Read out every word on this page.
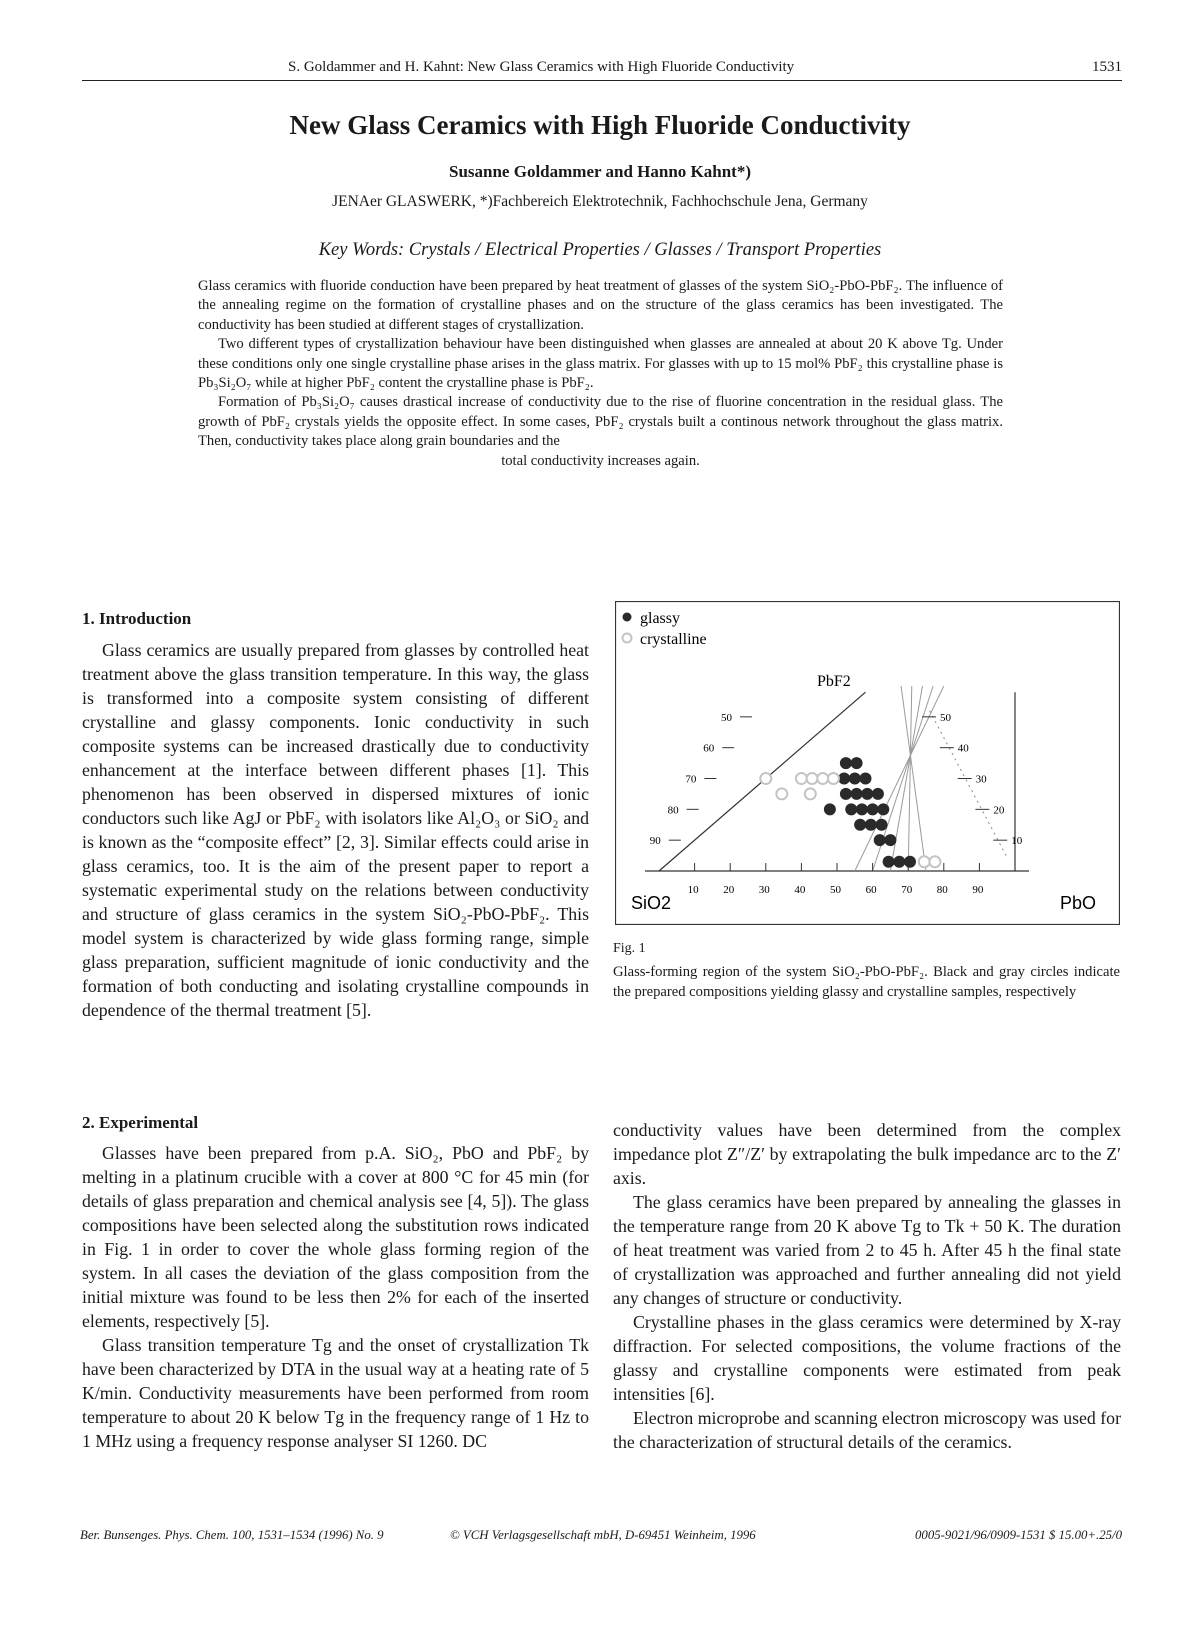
S. Goldammer and H. Kahnt: New Glass Ceramics with High Fluoride Conductivity	1531
New Glass Ceramics with High Fluoride Conductivity
Susanne Goldammer and Hanno Kahnt*)
JENAer GLASWERK, *)Fachbereich Elektrotechnik, Fachhochschule Jena, Germany
Key Words: Crystals / Electrical Properties / Glasses / Transport Properties

Glass ceramics with fluoride conduction have been prepared by heat treatment of glasses of the system SiO₂-PbO-PbF₂. The influence of the annealing regime on the formation of crystalline phases and on the structure of the glass ceramics has been investigated. The conductivity has been studied at different stages of crystallization.

Two different types of crystallization behaviour have been distinguished when glasses are annealed at about 20 K above Tg. Under these conditions only one single crystalline phase arises in the glass matrix. For glasses with up to 15 mol% PbF₂ this crystalline phase is Pb₃Si₂O₇ while at higher PbF₂ content the crystalline phase is PbF₂.

Formation of Pb₃Si₂O₇ causes drastical increase of conductivity due to the rise of fluorine concentration in the residual glass. The growth of PbF₂ crystals yields the opposite effect. In some cases, PbF₂ crystals built a continous network throughout the glass matrix. Then, conductivity takes place along grain boundaries and the

total conductivity increases again.

1. Introduction

Glass ceramics are usually prepared from glasses by controlled heat treatment above the glass transition temperature. In this way, the glass is transformed into a composite system consisting of different crystalline and glassy components. Ionic conductivity in such composite systems can be increased drastically due to conductivity enhancement at the interface between different phases [1]. This phenomenon has been observed in dispersed mixtures of ionic conductors such like AgJ or PbF₂ with isolators like Al₂O₃ or SiO₂ and is known as the “composite effect” [2, 3]. Similar effects could arise in glass ceramics, too. It is the aim of the present paper to report a systematic experimental study on the relations between conductivity and structure of glass ceramics in the system SiO₂-PbO-PbF₂. This model system is characterized by wide glass forming range, simple glass preparation, sufficient magnitude of ionic conductivity and the formation of both conducting and isolating crystalline compounds in dependence of the thermal treatment [5].

2. Experimental

Glasses have been prepared from p.A. SiO₂, PbO and PbF₂ by melting in a platinum crucible with a cover at 800 °C for 45 min (for details of glass preparation and chemical analysis see [4, 5]). The glass compositions have been selected along the substitution rows indicated in Fig. 1 in order to cover the whole glass forming region of the system. In all cases the deviation of the glass composition from the initial mixture was found to be less then 2% for each of the inserted elements, respectively [5].

Glass transition temperature Tg and the onset of crystallization Tk have been characterized by DTA in the usual way at a heating rate of 5 K/min. Conductivity measurements have been performed from room temperature to about 20 K below Tg in the frequency range of 1 Hz to 1 MHz using a frequency response analyser SI 1260. DC

conductivity values have been determined from the complex impedance plot Z″/Z′ by extrapolating the bulk impedance arc to the Z′ axis.

The glass ceramics have been prepared by annealing the glasses in the temperature range from 20 K above Tg to Tk + 50 K. The duration of heat treatment was varied from 2 to 45 h. After 45 h the final state of crystallization was approached and further annealing did not yield any changes of structure or conductivity.

Crystalline phases in the glass ceramics were determined by X-ray diffraction. For selected compositions, the volume fractions of the glassy and crystalline components were estimated from peak intensities [6].

Electron microprobe and scanning electron microscopy was used for the characterization of structural details of the ceramics.

glassy
crystalline
10 20 30 40 50 60 70 80 90
50
60
70
80
90
50
40
30
20
10
PbF2
SiO2	PbO
Fig. 1
Glass-forming region of the system SiO₂-PbO-PbF₂. Black and gray circles indicate the prepared compositions yielding glassy and crystalline samples, respectively
Ber. Bunsenges. Phys. Chem. 100, 1531–1534 (1996) No. 9	© VCH Verlagsgesellschaft mbH, D-69451 Weinheim, 1996	0005-9021/96/0909-1531 $ 15.00+.25/0
